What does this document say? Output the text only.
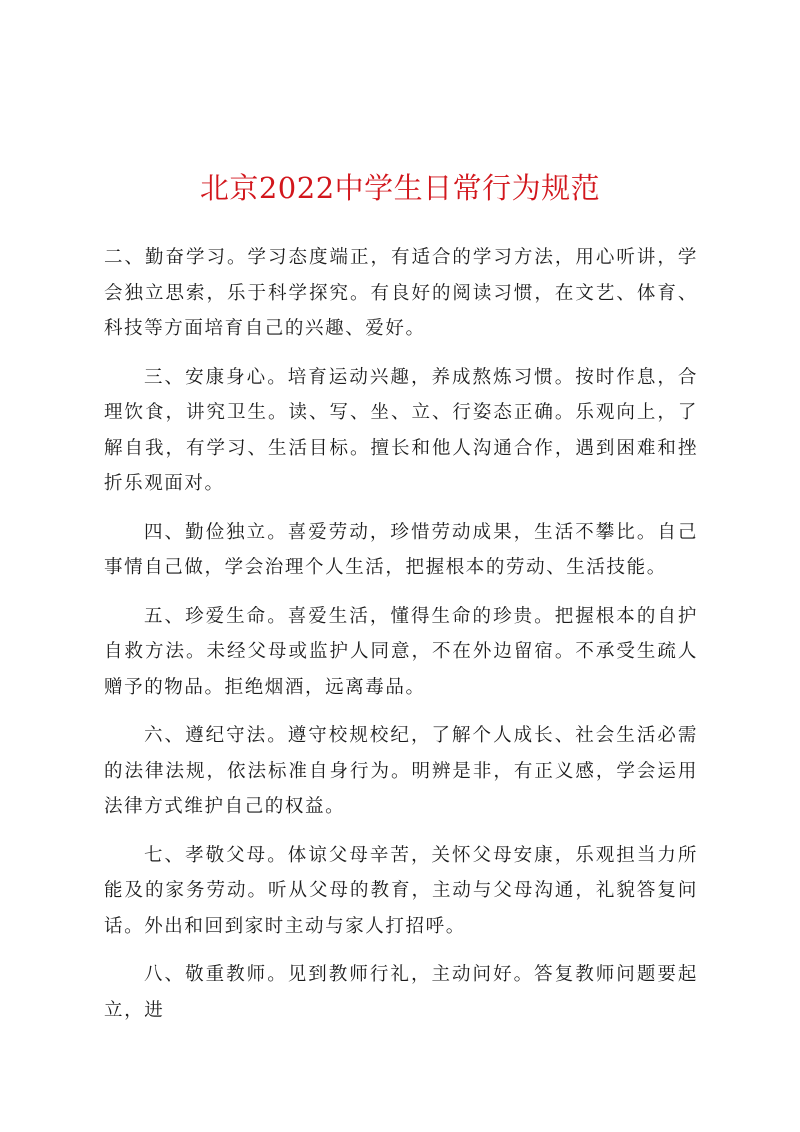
北京2022中学生日常行为规范

二、勤奋学习。学习态度端正，有适合的学习方法，用心听讲，学会独立思索，乐于科学探究。有良好的阅读习惯，在文艺、体育、科技等方面培育自己的兴趣、爱好。

三、安康身心。培育运动兴趣，养成熬炼习惯。按时作息，合理饮食，讲究卫生。读、写、坐、立、行姿态正确。乐观向上，了解自我，有学习、生活目标。擅长和他人沟通合作，遇到困难和挫折乐观面对。

四、勤俭独立。喜爱劳动，珍惜劳动成果，生活不攀比。自己事情自己做，学会治理个人生活，把握根本的劳动、生活技能。

五、珍爱生命。喜爱生活，懂得生命的珍贵。把握根本的自护自救方法。未经父母或监护人同意，不在外边留宿。不承受生疏人赠予的物品。拒绝烟酒，远离毒品。

六、遵纪守法。遵守校规校纪，了解个人成长、社会生活必需的法律法规，依法标准自身行为。明辨是非，有正义感，学会运用法律方式维护自己的权益。

七、孝敬父母。体谅父母辛苦，关怀父母安康，乐观担当力所能及的家务劳动。听从父母的教育，主动与父母沟通，礼貌答复问话。外出和回到家时主动与家人打招呼。

八、敬重教师。见到教师行礼，主动问好。答复教师问题要起立，进
